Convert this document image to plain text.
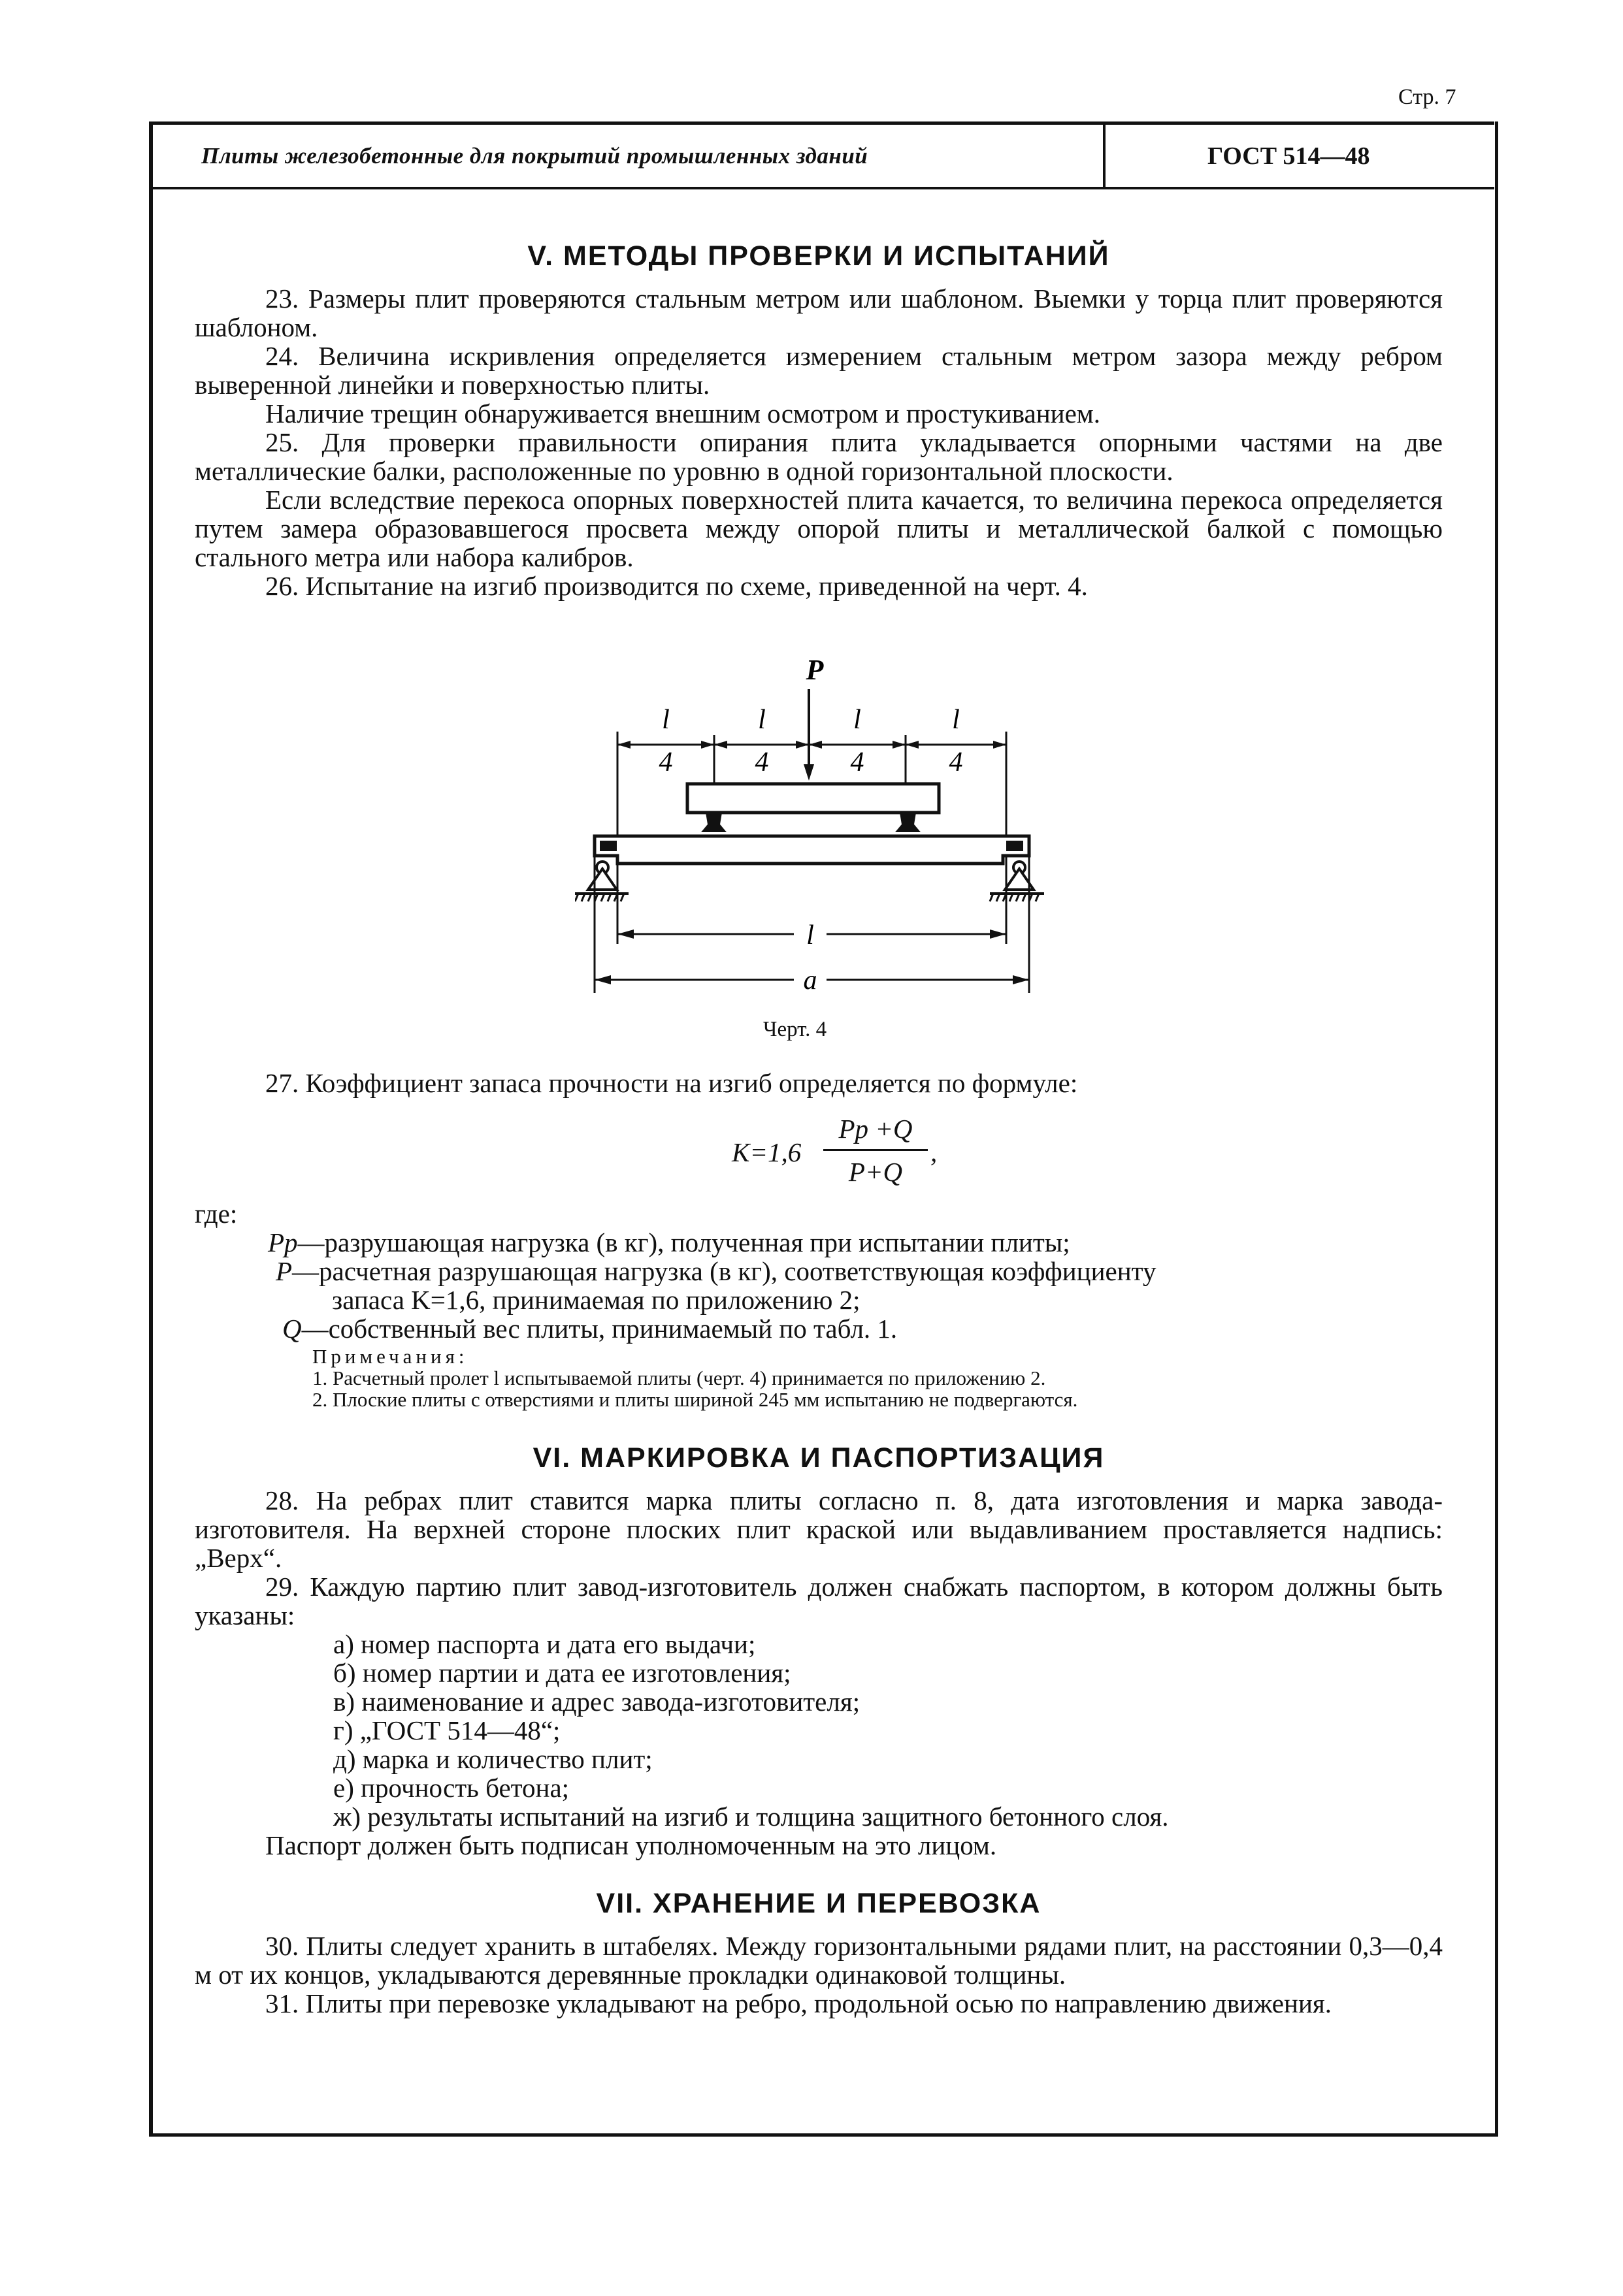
Стр. 7
Плиты железобетонные для покрытий промышленных зданий	ГОСТ 514—48
V. МЕТОДЫ ПРОВЕРКИ И ИСПЫТАНИЙ

23. Размеры плит проверяются стальным метром или шаблоном. Выемки у торца плит проверяются шаблоном.

24. Величина искривления определяется измерением стальным метром зазора между ребром выверенной линейки и поверхностью плиты.

Наличие трещин обнаруживается внешним осмотром и простукиванием.

25. Для проверки правильности опирания плита укладывается опорными частями на две металлические балки, расположенные по уровню в одной горизонтальной плоскости.

Если вследствие перекоса опорных поверхностей плита качается, то величина перекоса определяется путем замера образовавшегося просвета между опорой плиты и металлической балкой с помощью стального метра или набора калибров.

26. Испытание на изгиб производится по схеме, приведенной на черт. 4.

P
l
4
l
4
l
4
l
4
l
a
Черт. 4

27. Коэффициент запаса прочности на изгиб определяется по формуле:

K=1,6
Pр +Q
P+Q
,
где:
Pр—разрушающая нагрузка (в кг), полученная при испытании плиты;
P—расчетная разрушающая нагрузка (в кг), соответствующая коэффициенту
запаса K=1,6, принимаемая по приложению 2;
Q—собственный вес плиты, принимаемый по табл. 1.
Примечания:
1. Расчетный пролет l испытываемой плиты (черт. 4) принимается по приложению 2.
2. Плоские плиты с отверстиями и плиты шириной 245 мм испытанию не подвергаются.
VI. МАРКИРОВКА И ПАСПОРТИЗАЦИЯ

28. На ребрах плит ставится марка плиты согласно п. 8, дата изготовления и марка завода-изготовителя. На верхней стороне плоских плит краской или выдавливанием проставляется надпись: „Верх“.

29. Каждую партию плит завод-изготовитель должен снабжать паспортом, в котором должны быть указаны:

а) номер паспорта и дата его выдачи;

б) номер партии и дата ее изготовления;

в) наименование и адрес завода-изготовителя;

г) „ГОСТ 514—48“;

д) марка и количество плит;

е) прочность бетона;

ж) результаты испытаний на изгиб и толщина защитного бетонного слоя.

Паспорт должен быть подписан уполномоченным на это лицом.

VII. ХРАНЕНИЕ И ПЕРЕВОЗКА

30. Плиты следует хранить в штабелях. Между горизонтальными рядами плит, на расстоянии 0,3—0,4 м от их концов, укладываются деревянные прокладки одинаковой толщины.

31. Плиты при перевозке укладывают на ребро, продольной осью по направлению движения.
